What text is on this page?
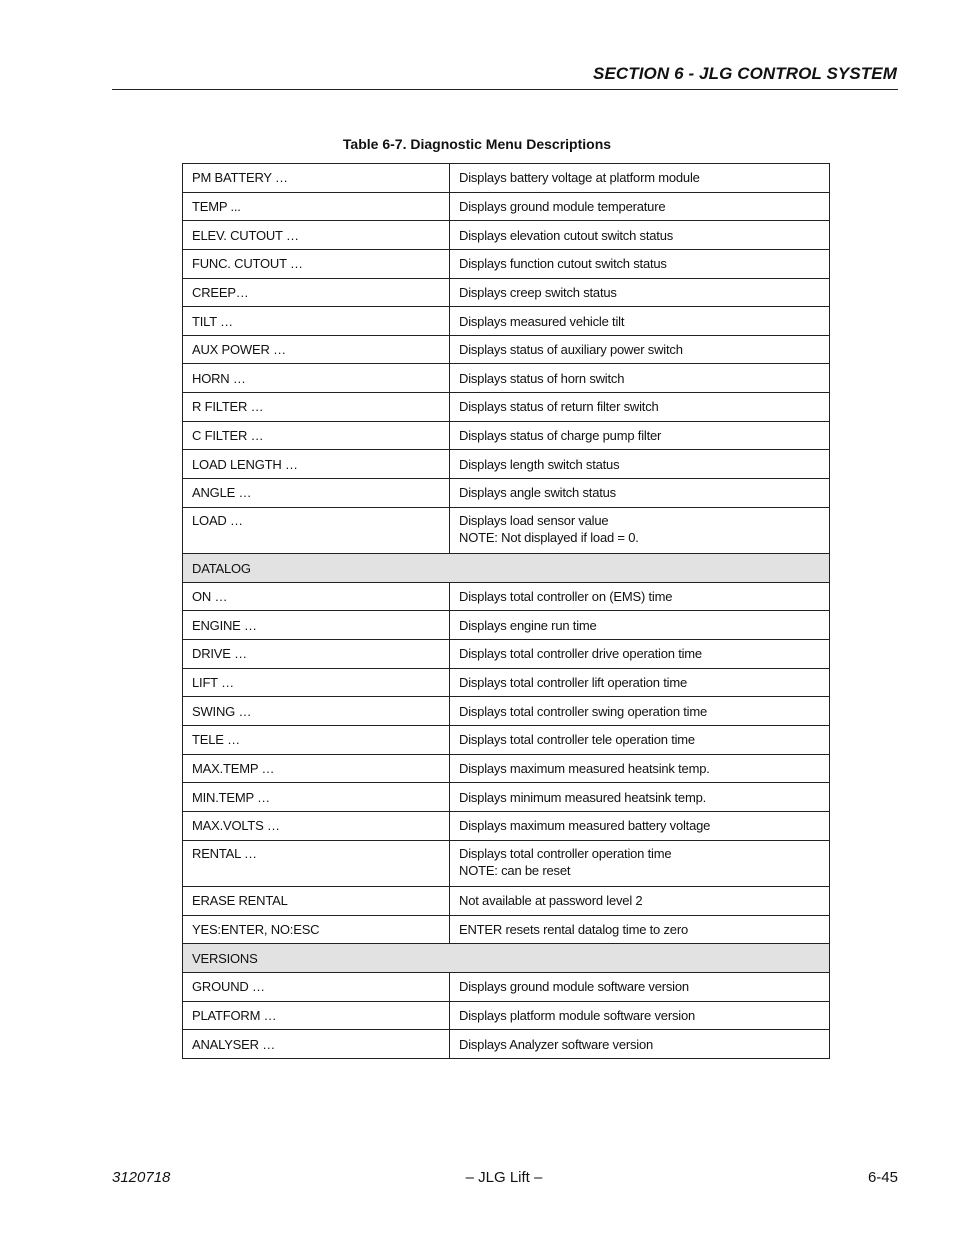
SECTION 6 - JLG CONTROL SYSTEM
Table 6-7. Diagnostic Menu Descriptions
PM BATTERY …	Displays battery voltage at platform module
TEMP ...	Displays ground module temperature
ELEV. CUTOUT …	Displays elevation cutout switch status
FUNC. CUTOUT …	Displays function cutout switch status
CREEP…	Displays creep switch status
TILT …	Displays measured vehicle tilt
AUX POWER …	Displays status of auxiliary power switch
HORN …	Displays status of horn switch
R FILTER …	Displays status of return filter switch
C FILTER …	Displays status of charge pump filter
LOAD LENGTH …	Displays length switch status
ANGLE …	Displays angle switch status
LOAD …	Displays load sensor value
NOTE: Not displayed if load = 0.

DATALOG	
ON …	Displays total controller on (EMS) time
ENGINE …	Displays engine run time
DRIVE …	Displays total controller drive operation time
LIFT …	Displays total controller lift operation time
SWING …	Displays total controller swing operation time
TELE …	Displays total controller tele operation time
MAX.TEMP …	Displays maximum measured heatsink temp.
MIN.TEMP …	Displays minimum measured heatsink temp.
MAX.VOLTS …	Displays maximum measured battery voltage
RENTAL …	Displays total controller operation time
NOTE: can be reset

ERASE RENTAL	Not available at password level 2
YES:ENTER, NO:ESC	ENTER resets rental datalog time to zero
VERSIONS	
GROUND …	Displays ground module software version
PLATFORM …	Displays platform module software version
ANALYSER …	Displays Analyzer software version
3120718	– JLG Lift –	6-45
